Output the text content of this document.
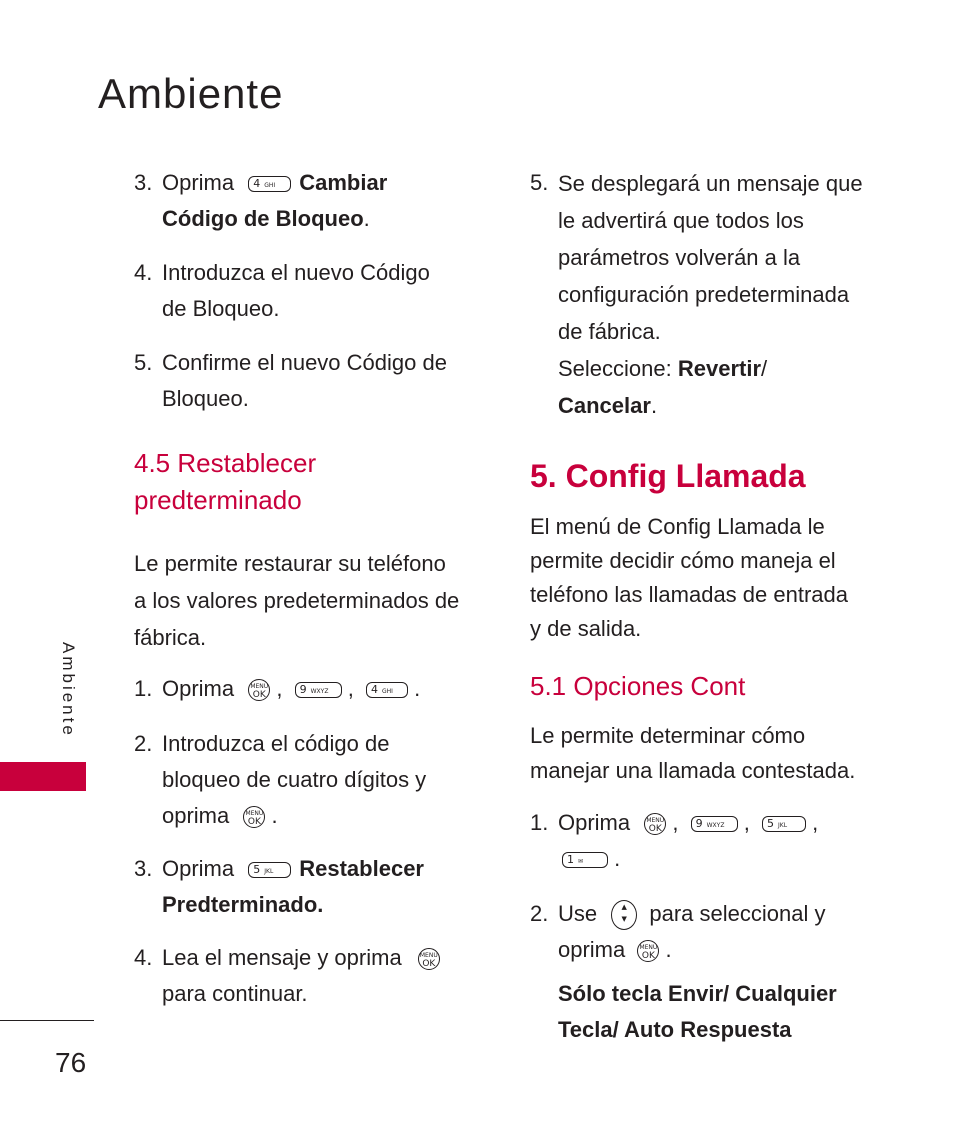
Ambiente
Ambiente
76
3. Oprima 4 GHI Cambiar
Código de Bloqueo.
4. Introduzca el nuevo Código
de Bloqueo.
5. Confirme el nuevo Código de
Bloqueo.
4.5 Restablecer
predterminado
Le permite restaurar su teléfono
a los valores predeterminados de
fábrica.
1. Oprima	MENU
OK , 9 WXYZ , 4 GHI .
2. Introduzca el código de
bloqueo de cuatro dígitos y
oprima	MENU
OK .
3. Oprima 5 JKL Restablecer
Predterminado.
4. Lea el mensaje y oprima	MENU
OK

para continuar.
5. Se desplegará un mensaje que
le advertirá que todos los
parámetros volverán a la
configuración predeterminada
de fábrica.
Seleccione: Revertir/
Cancelar.
5. Config Llamada
El menú de Config Llamada le
permite decidir cómo maneja el
teléfono las llamadas de entrada
y de salida.
5.1 Opciones Cont
Le permite determinar cómo
manejar una llamada contestada.
1. Oprima	MENU
OK , 9 WXYZ , 5 JKL ,
1 ✉ .
2. Use	▲
▼ para seleccional y
oprima MENU
OK .
Sólo tecla Envir/ Cualquier
Tecla/ Auto Respuesta
